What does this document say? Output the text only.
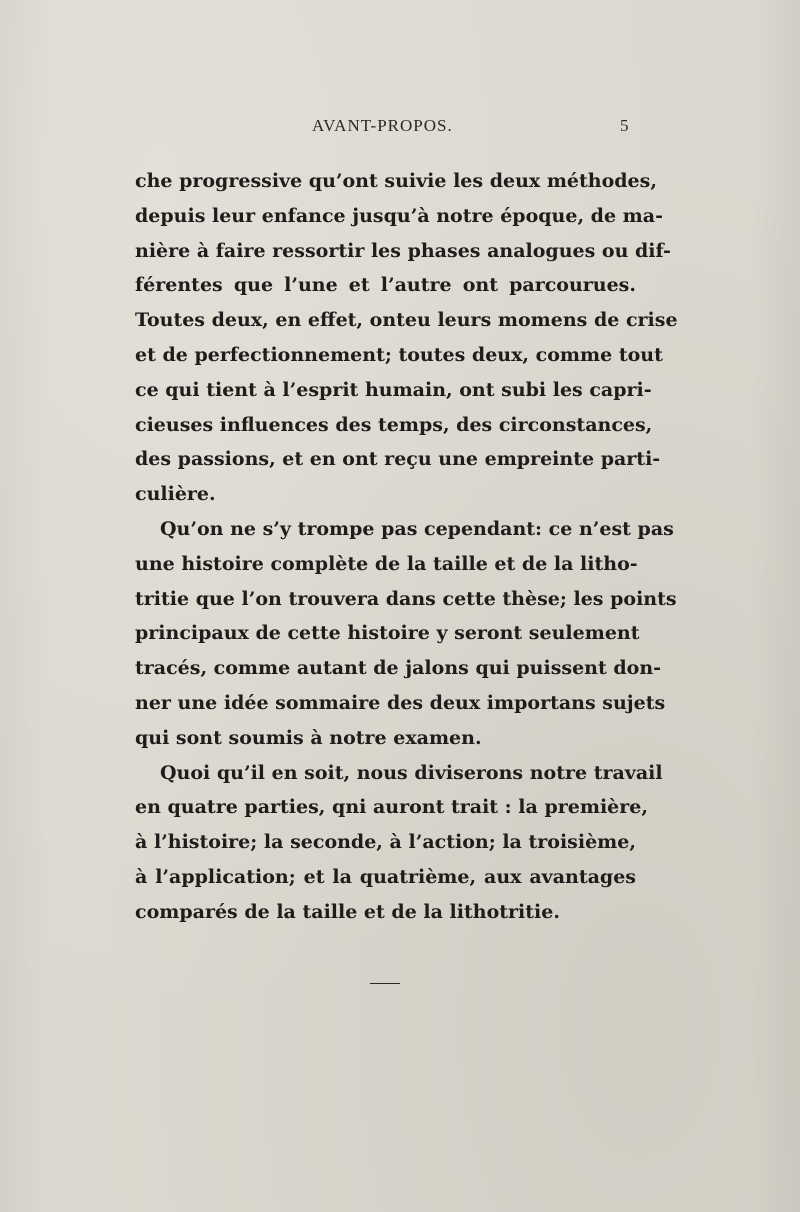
AVANT-PROPOS.	5
che progressive qu’ont suivie les deux méthodes,
depuis leur enfance jusqu’à notre époque, de ma-
nière à faire ressortir les phases analogues ou dif-
férentes que l’une et l’autre ont parcourues.
Toutes deux, en effet, onteu leurs momens de crise
et de perfectionnement; toutes deux, comme tout
ce qui tient à l’esprit humain, ont subi les capri-
cieuses influences des temps, des circonstances,
des passions, et en ont reçu une empreinte parti-
culière.
Qu’on ne s’y trompe pas cependant: ce n’est pas
une histoire complète de la taille et de la litho-
tritie que l’on trouvera dans cette thèse; les points
principaux de cette histoire y seront seulement
tracés, comme autant de jalons qui puissent don-
ner une idée sommaire des deux importans sujets
qui sont soumis à notre examen.
Quoi qu’il en soit, nous diviserons notre travail
en quatre parties, qni auront trait : la première,
à l’histoire; la seconde, à l’action; la troisième,
à l’application; et la quatrième, aux avantages
comparés de la taille et de la lithotritie.
